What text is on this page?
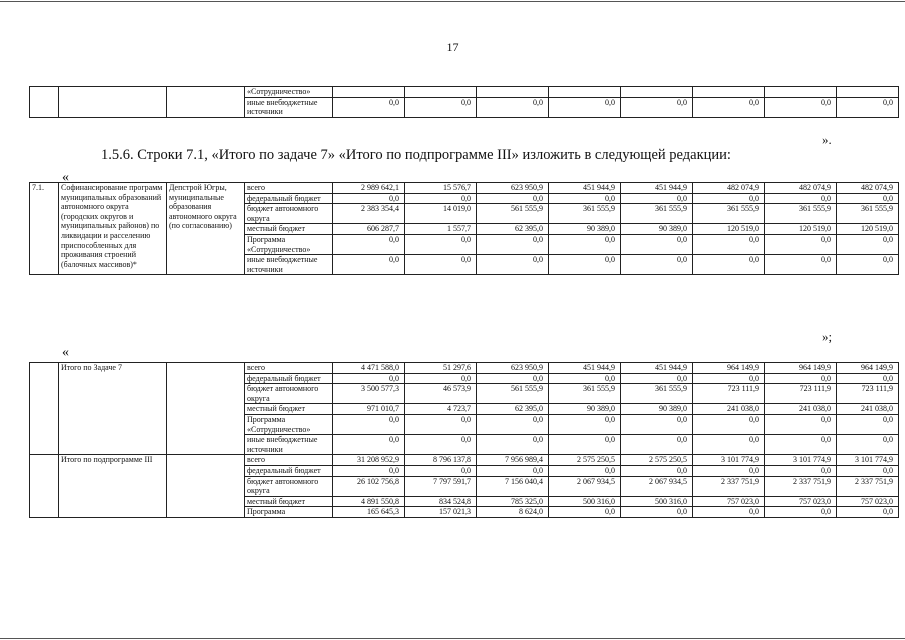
17
			«Сотрудничество»								
			иные внебюджетные источники	0,0	0,0	0,0	0,0	0,0	0,0	0,0	0,0
».
1.5.6. Строки 7.1, «Итого по задаче 7» «Итого по подпрограмме III» изложить в следующей редакции:
«
7.1.	Софинансирование программ муниципальных образований автономного округа (городских округов и муниципальных районов) по ликвидации и расселению приспособленных для проживания строений (балочных массивов)*	Депстрой Югры, муниципальные образования автономного округа (по согласованию)	всего	2 989 642,1	15 576,7	623 950,9	451 944,9	451 944,9	482 074,9	482 074,9	482 074,9
			федеральный бюджет	0,0	0,0	0,0	0,0	0,0	0,0	0,0	0,0
			бюджет автономного округа	2 383 354,4	14 019,0	561 555,9	361 555,9	361 555,9	361 555,9	361 555,9	361 555,9
			местный бюджет	606 287,7	1 557,7	62 395,0	90 389,0	90 389,0	120 519,0	120 519,0	120 519,0
			Программа «Сотрудничество»	0,0	0,0	0,0	0,0	0,0	0,0	0,0	0,0
			иные внебюджетные источники	0,0	0,0	0,0	0,0	0,0	0,0	0,0	0,0
»;
«
	Итого по Задаче 7		всего	4 471 588,0	51 297,6	623 950,9	451 944,9	451 944,9	964 149,9	964 149,9	964 149,9
			федеральный бюджет	0,0	0,0	0,0	0,0	0,0	0,0	0,0	0,0
			бюджет автономного округа	3 500 577,3	46 573,9	561 555,9	361 555,9	361 555,9	723 111,9	723 111,9	723 111,9
			местный бюджет	971 010,7	4 723,7	62 395,0	90 389,0	90 389,0	241 038,0	241 038,0	241 038,0
			Программа «Сотрудничество»	0,0	0,0	0,0	0,0	0,0	0,0	0,0	0,0
			иные внебюджетные источники	0,0	0,0	0,0	0,0	0,0	0,0	0,0	0,0
	Итого по подпрограмме III		всего	31 208 952,9	8 796 137,8	7 956 989,4	2 575 250,5	2 575 250,5	3 101 774,9	3 101 774,9	3 101 774,9
			федеральный бюджет	0,0	0,0	0,0	0,0	0,0	0,0	0,0	0,0
			бюджет автономного округа	26 102 756,8	7 797 591,7	7 156 040,4	2 067 934,5	2 067 934,5	2 337 751,9	2 337 751,9	2 337 751,9
			местный бюджет	4 891 550,8	834 524,8	785 325,0	500 316,0	500 316,0	757 023,0	757 023,0	757 023,0
			Программа	165 645,3	157 021,3	8 624,0	0,0	0,0	0,0	0,0	0,0
